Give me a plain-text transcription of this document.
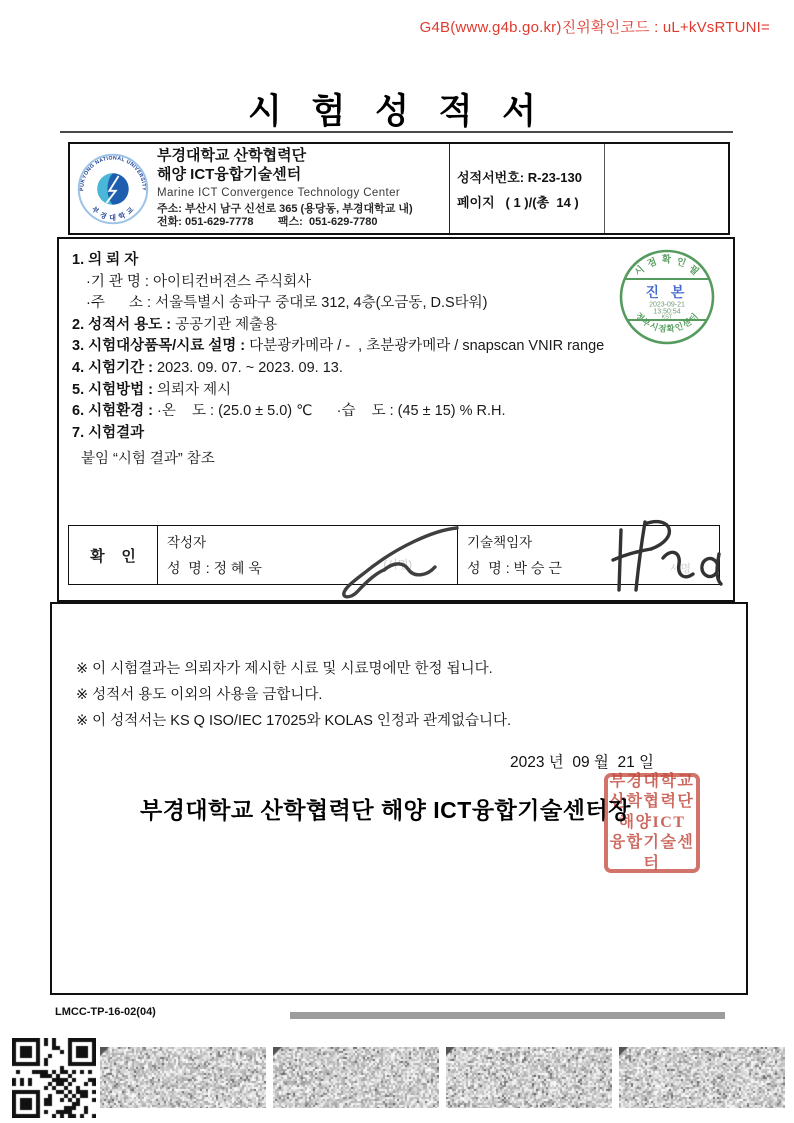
G4B(www.g4b.go.kr)진위확인코드 : uL+kVsRTUNI=
시 험 성 적 서
PUKYONG NATIONAL UNIVERSITY
부 경 대 학 교
부경대학교 산학협력단
해양 ICT융합기술센터
Marine ICT Convergence Technology Center
주소: 부산시 남구 신선로 365 (용당동, 부경대학교 내)
전화: 051-629-7778        팩스:  051-629-7780
성적서번호: R-23-130
페이지   ( 1 )/(총  14 )
시 점 확 인 필
진 본
2023-09-21
13:50:54
KST
정부시점확인센터
1. 의 뢰 자
·기 관 명 : 아이티컨버젼스 주식회사
·주      소 : 서울특별시 송파구 중대로 312, 4층(오금동, D.S타워)
2. 성적서 용도 : 공공기관 제출용
3. 시험대상품목/시료 설명 : 다분광카메라 / -  , 초분광카메라 / snapscan VNIR range
4. 시험기간 : 2023. 09. 07. ~ 2023. 09. 13.
5. 시험방법 : 의뢰자 제시
6. 시험환경 : ·온    도 : (25.0 ± 5.0) ℃      ·습    도 : (45 ± 15) % R.H.
7. 시험결과
붙임 “시험 결과” 참조
확    인
작성자
성  명 : 정 혜 욱	(서명)
기술책임자
성  명 : 박 승 근	서명
※ 이 시험결과는 의뢰자가 제시한 시료 및 시료명에만 한정 됩니다.
※ 성적서 용도 이외의 사용을 금합니다.
※ 이 성적서는 KS Q ISO/IEC 17025와 KOLAS 인정과 관계없습니다.
2023 년  09 월  21 일
부경대학교 산학협력단 해양 ICT융합기술센터장
부경대학교
산학협력단
해양ICT
융합기술센터
LMCC-TP-16-02(04)
